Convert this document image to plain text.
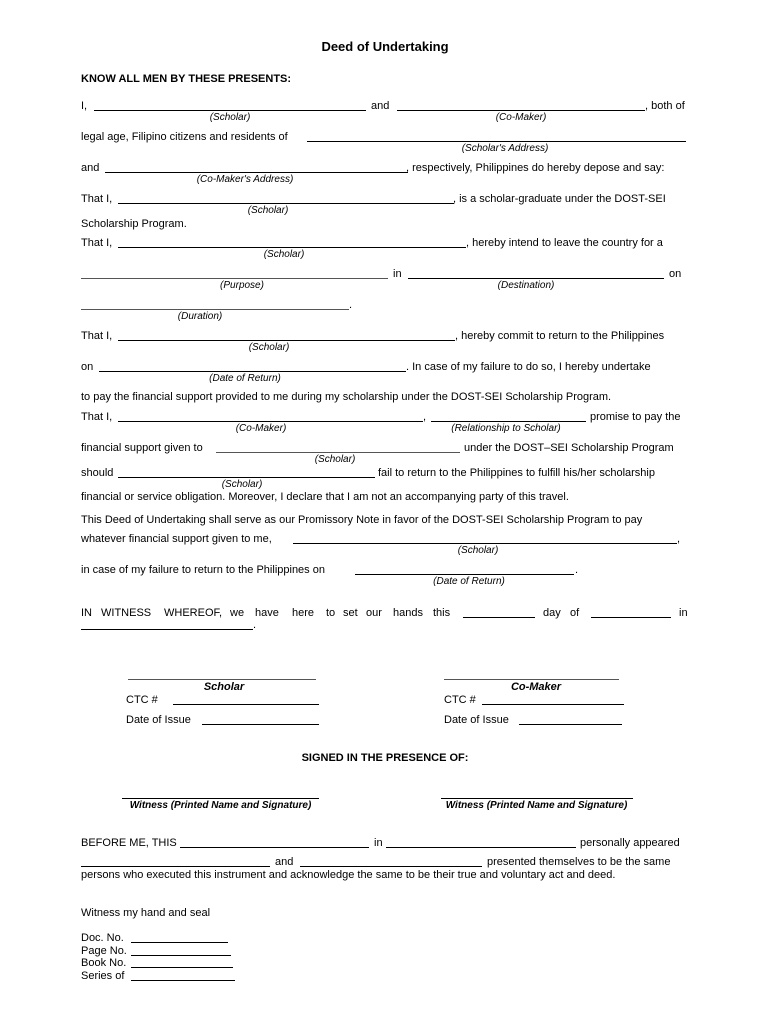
Deed of Undertaking
KNOW ALL MEN BY THESE PRESENTS:
I,	and	, both of
(Scholar)	(Co-Maker)
legal age, Filipino citizens and residents of
(Scholar's Address)
and	, respectively, Philippines do hereby depose and say:
(Co-Maker's Address)
That I,	, is a scholar-graduate under the DOST-SEI
(Scholar)
Scholarship Program.
That I,	, hereby intend to leave the country for a
(Scholar)
in	on
(Purpose)	(Destination)
.
(Duration)
That I,	, hereby commit to return to the Philippines
(Scholar)
on	. In case of my failure to do so, I hereby undertake
(Date of Return)
to pay the financial support provided to me during my scholarship under the DOST-SEI Scholarship Program.
That I,	,	promise to pay the
(Co-Maker)	(Relationship to Scholar)
financial support given to	under the DOST–SEI Scholarship Program
(Scholar)
should	fail to return to the Philippines to fulfill his/her scholarship
(Scholar)
financial or service obligation. Moreover, I declare that I am not an accompanying party of this travel.
This Deed of Undertaking shall serve as our Promissory Note in favor of the DOST-SEI Scholarship Program to pay
whatever financial support given to me,	,
(Scholar)
in case of my failure to return to the Philippines on	.
(Date of Return)
IN WITNESS WHEREOF, we have here to set our hands this	day of	in
.
Scholar
CTC #
Date of Issue
Co-Maker
CTC #
Date of Issue
SIGNED IN THE PRESENCE OF:
Witness (Printed Name and Signature)	Witness (Printed Name and Signature)
BEFORE ME, THIS	in	personally appeared
and	presented themselves to be the same
persons who executed this instrument and acknowledge the same to be their true and voluntary act and deed.
Witness my hand and seal
Doc. No.
Page No.
Book No.
Series of
